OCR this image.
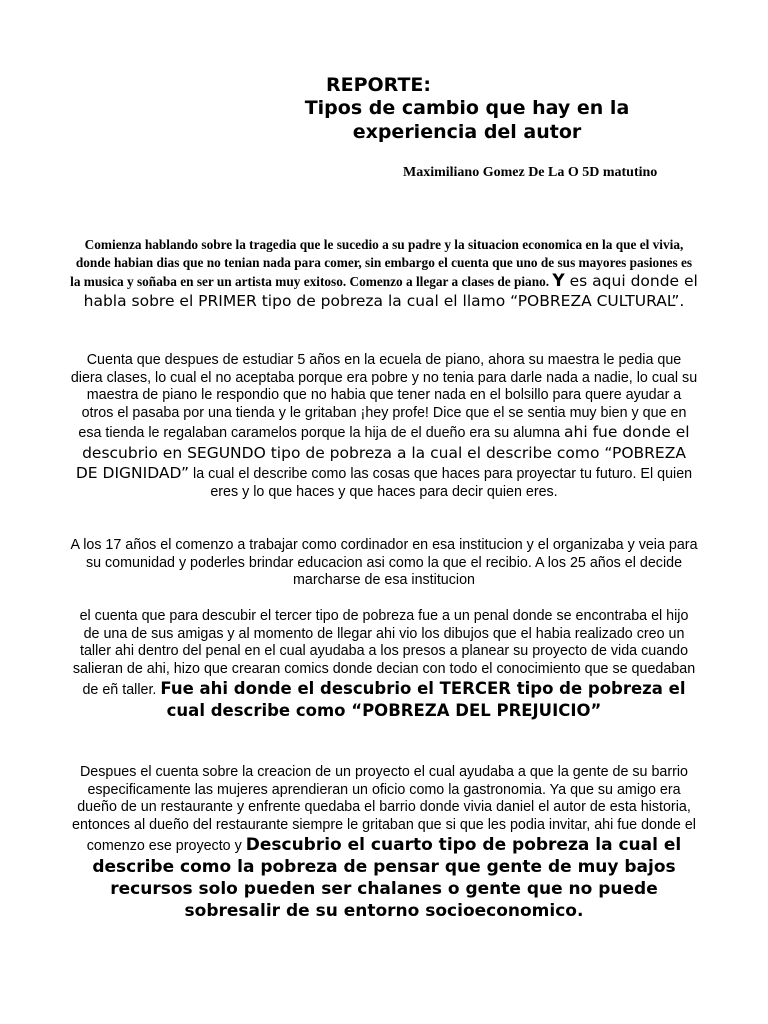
REPORTE:
Tipos de cambio que hay en la experiencia del autor
Maximiliano Gomez De La O 5D matutino
Comienza hablando sobre la tragedia que le sucedio a su padre y la situacion economica en la que el vivia, donde habian dias que no tenian nada para comer, sin embargo el cuenta que uno de sus mayores pasiones es la musica y soñaba en ser un artista muy exitoso. Comenzo a llegar a clases de piano. Y es aqui donde el habla sobre el PRIMER tipo de pobreza la cual el llamo “POBREZA CULTURAL”.
Cuenta que despues de estudiar 5 años en la ecuela de piano, ahora su maestra le pedia que diera clases, lo cual el no aceptaba porque era pobre y no tenia para darle nada a nadie, lo cual su maestra de piano le respondio que no habia que tener nada en el bolsillo para quere ayudar a otros el pasaba por una tienda y le gritaban ¡hey profe! Dice que el se sentia muy bien y que en esa tienda le regalaban caramelos porque la hija de el dueño era su alumna ahi fue donde el descubrio en SEGUNDO tipo de pobreza a la cual el describe como “POBREZA DE DIGNIDAD” la cual el describe como las cosas que haces para proyectar tu futuro. El quien eres y lo que haces y que haces para decir quien eres.
A los 17 años el comenzo a trabajar como cordinador en esa institucion y el organizaba y veia para su comunidad y poderles brindar educacion asi como la que el recibio. A los 25 años el decide marcharse de esa institucion
el cuenta que para descubir el tercer tipo de pobreza fue a un penal donde se encontraba el hijo de una de sus amigas y al momento de llegar ahi vio los dibujos que el habia realizado creo un taller ahi dentro del penal en el cual ayudaba a los presos a planear su proyecto de vida cuando salieran de ahi, hizo que crearan comics donde decian con todo el conocimiento que se quedaban de eñ taller. Fue ahi donde el descubrio el TERCER tipo de pobreza el cual describe como “POBREZA DEL PREJUICIO”
Despues el cuenta sobre la creacion de un proyecto el cual ayudaba a que la gente de su barrio especificamente las mujeres aprendieran un oficio como la gastronomia. Ya que su amigo era dueño de un restaurante y enfrente quedaba el barrio donde vivia daniel el autor de esta historia, entonces al dueño del restaurante siempre le gritaban que si que les podia invitar, ahi fue donde el comenzo ese proyecto y Descubrio el cuarto tipo de pobreza la cual el describe como la pobreza de pensar que gente de muy bajos recursos solo pueden ser chalanes o gente que no puede sobresalir de su entorno socioeconomico.
